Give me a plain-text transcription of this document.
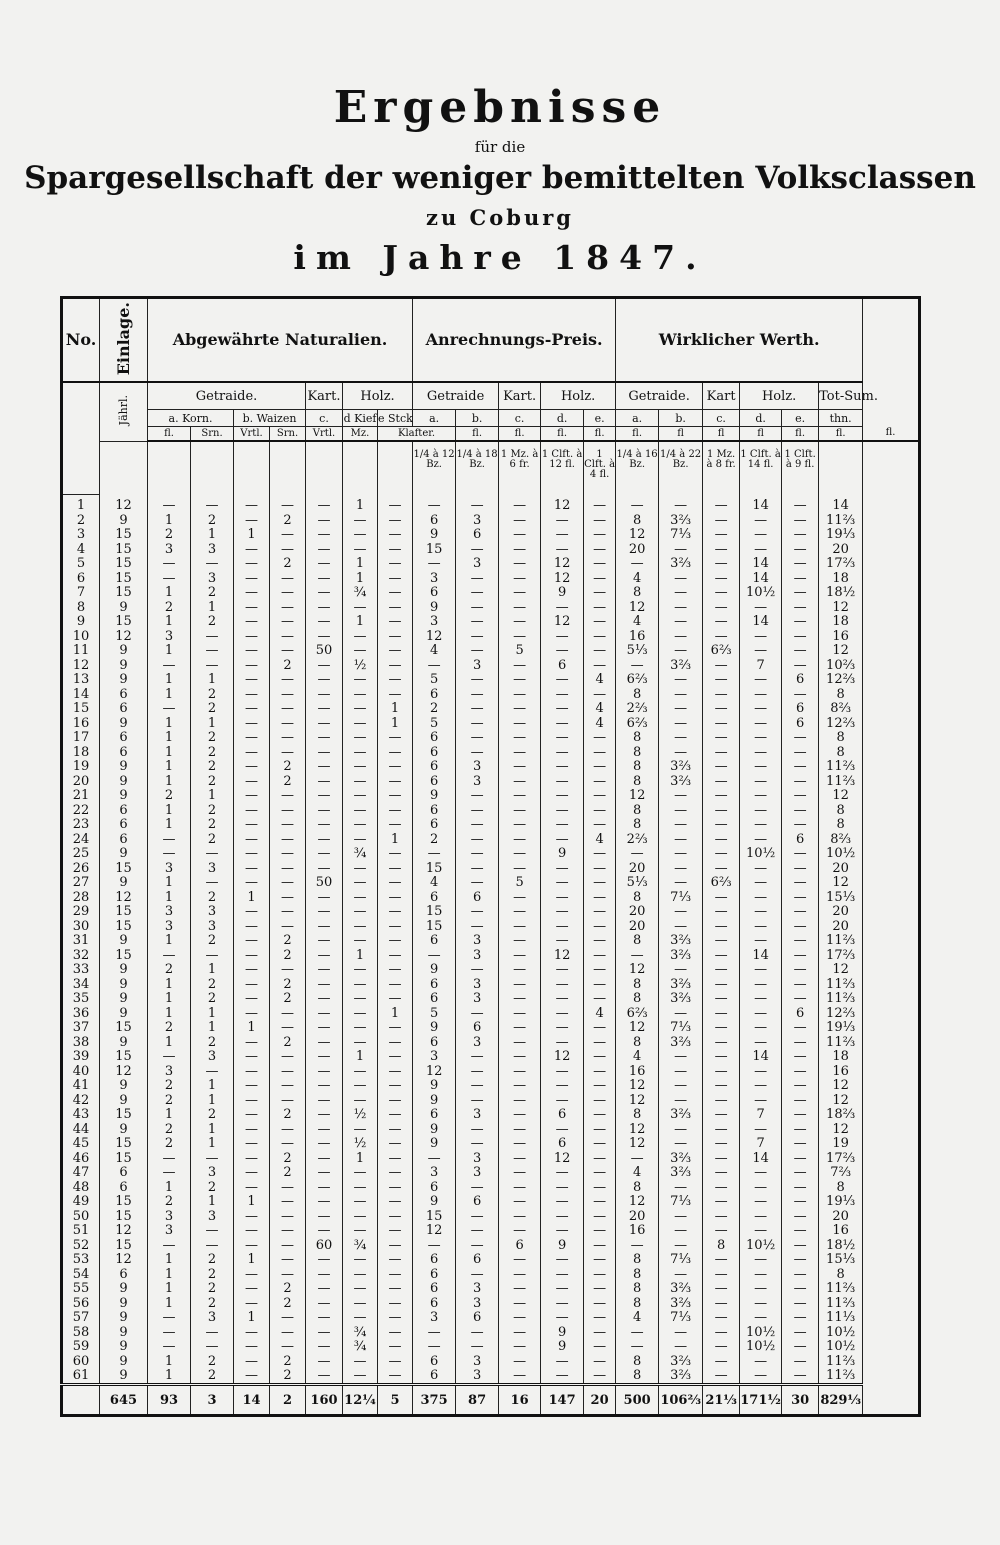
Ergebnisse
für die
Spargesellschaft der weniger bemittelten Volksclassen
zu Coburg
im Jahre 1847.
No.	Einlage.	Abgewährte Naturalien.							Anrechnungs-Preis.					Wirklicher Werth.						
	Jährl.	Getraide.				Kart.	Holz.		Getraide		Kart.	Holz.		Getraide.		Kart	Holz.		Tot-Sum.	
		a. Korn.		b. Waizen		c.	d Kief	e Stck	a.	b.	c.	d.	e.	a.	b.	c.	d.	e.	thn.	
		fl.	Srn.	Vrtl.	Srn.	Vrtl.	Mz.	Klafter.		fl.	fl.	fl.	fl.	fl.	fl	fl	fl	fl.	fl.	fl.
									1/4 à 12 Bz.	1/4 à 18 Bz.	1 Mz. à 6 fr.	1 Clft. à 12 fl.	1 Clft. à 4 fl.	1/4 à 16 Bz.	1/4 à 22 Bz.	1 Mz. à 8 fr.	1 Clft. à 14 fl.	1 Clft. à 9 fl.		
1	12	—	—	—	—	—	1	—	—	—	—	12	—	—	—	—	14	—	14	
2	9	1	2	—	2	—	—	—	6	3	—	—	—	8	3⅔	—	—	—	11⅔	
3	15	2	1	1	—	—	—	—	9	6	—	—	—	12	7⅓	—	—	—	19⅓	
4	15	3	3	—	—	—	—	—	15	—	—	—	—	20	—	—	—	—	20	
5	15	—	—	—	2	—	1	—	—	3	—	12	—	—	3⅔	—	14	—	17⅔	
6	15	—	3	—	—	—	1	—	3	—	—	12	—	4	—	—	14	—	18	
7	15	1	2	—	—	—	¾	—	6	—	—	9	—	8	—	—	10½	—	18½	
8	9	2	1	—	—	—	—	—	9	—	—	—	—	12	—	—	—	—	12	
9	15	1	2	—	—	—	1	—	3	—	—	12	—	4	—	—	14	—	18	
10	12	3	—	—	—	—	—	—	12	—	—	—	—	16	—	—	—	—	16	
11	9	1	—	—	—	50	—	—	4	—	5	—	—	5⅓	—	6⅔	—	—	12	
12	9	—	—	—	2	—	½	—	—	3	—	6	—	—	3⅔	—	7	—	10⅔	
13	9	1	1	—	—	—	—	—	5	—	—	—	4	6⅔	—	—	—	6	12⅔	
14	6	1	2	—	—	—	—	—	6	—	—	—	—	8	—	—	—	—	8	
15	6	—	2	—	—	—	—	1	2	—	—	—	4	2⅔	—	—	—	6	8⅔	
16	9	1	1	—	—	—	—	1	5	—	—	—	4	6⅔	—	—	—	6	12⅔	
17	6	1	2	—	—	—	—	—	6	—	—	—	—	8	—	—	—	—	8	
18	6	1	2	—	—	—	—	—	6	—	—	—	—	8	—	—	—	—	8	
19	9	1	2	—	2	—	—	—	6	3	—	—	—	8	3⅔	—	—	—	11⅔	
20	9	1	2	—	2	—	—	—	6	3	—	—	—	8	3⅔	—	—	—	11⅔	
21	9	2	1	—	—	—	—	—	9	—	—	—	—	12	—	—	—	—	12	
22	6	1	2	—	—	—	—	—	6	—	—	—	—	8	—	—	—	—	8	
23	6	1	2	—	—	—	—	—	6	—	—	—	—	8	—	—	—	—	8	
24	6	—	2	—	—	—	—	1	2	—	—	—	4	2⅔	—	—	—	6	8⅔	
25	9	—	—	—	—	—	¾	—	—	—	—	9	—	—	—	—	10½	—	10½	
26	15	3	3	—	—	—	—	—	15	—	—	—	—	20	—	—	—	—	20	
27	9	1	—	—	—	50	—	—	4	—	5	—	—	5⅓	—	6⅔	—	—	12	
28	12	1	2	1	—	—	—	—	6	6	—	—	—	8	7⅓	—	—	—	15⅓	
29	15	3	3	—	—	—	—	—	15	—	—	—	—	20	—	—	—	—	20	
30	15	3	3	—	—	—	—	—	15	—	—	—	—	20	—	—	—	—	20	
31	9	1	2	—	2	—	—	—	6	3	—	—	—	8	3⅔	—	—	—	11⅔	
32	15	—	—	—	2	—	1	—	—	3	—	12	—	—	3⅔	—	14	—	17⅔	
33	9	2	1	—	—	—	—	—	9	—	—	—	—	12	—	—	—	—	12	
34	9	1	2	—	2	—	—	—	6	3	—	—	—	8	3⅔	—	—	—	11⅔	
35	9	1	2	—	2	—	—	—	6	3	—	—	—	8	3⅔	—	—	—	11⅔	
36	9	1	1	—	—	—	—	1	5	—	—	—	4	6⅔	—	—	—	6	12⅔	
37	15	2	1	1	—	—	—	—	9	6	—	—	—	12	7⅓	—	—	—	19⅓	
38	9	1	2	—	2	—	—	—	6	3	—	—	—	8	3⅔	—	—	—	11⅔	
39	15	—	3	—	—	—	1	—	3	—	—	12	—	4	—	—	14	—	18	
40	12	3	—	—	—	—	—	—	12	—	—	—	—	16	—	—	—	—	16	
41	9	2	1	—	—	—	—	—	9	—	—	—	—	12	—	—	—	—	12	
42	9	2	1	—	—	—	—	—	9	—	—	—	—	12	—	—	—	—	12	
43	15	1	2	—	2	—	½	—	6	3	—	6	—	8	3⅔	—	7	—	18⅔	
44	9	2	1	—	—	—	—	—	9	—	—	—	—	12	—	—	—	—	12	
45	15	2	1	—	—	—	½	—	9	—	—	6	—	12	—	—	7	—	19	
46	15	—	—	—	2	—	1	—	—	3	—	12	—	—	3⅔	—	14	—	17⅔	
47	6	—	3	—	2	—	—	—	3	3	—	—	—	4	3⅔	—	—	—	7⅔	
48	6	1	2	—	—	—	—	—	6	—	—	—	—	8	—	—	—	—	8	
49	15	2	1	1	—	—	—	—	9	6	—	—	—	12	7⅓	—	—	—	19⅓	
50	15	3	3	—	—	—	—	—	15	—	—	—	—	20	—	—	—	—	20	
51	12	3	—	—	—	—	—	—	12	—	—	—	—	16	—	—	—	—	16	
52	15	—	—	—	—	60	¾	—	—	—	6	9	—	—	—	8	10½	—	18½	
53	12	1	2	1	—	—	—	—	6	6	—	—	—	8	7⅓	—	—	—	15⅓	
54	6	1	2	—	—	—	—	—	6	—	—	—	—	8	—	—	—	—	8	
55	9	1	2	—	2	—	—	—	6	3	—	—	—	8	3⅔	—	—	—	11⅔	
56	9	1	2	—	2	—	—	—	6	3	—	—	—	8	3⅔	—	—	—	11⅔	
57	9	—	3	1	—	—	—	—	3	6	—	—	—	4	7⅓	—	—	—	11⅓	
58	9	—	—	—	—	—	¾	—	—	—	—	9	—	—	—	—	10½	—	10½	
59	9	—	—	—	—	—	¾	—	—	—	—	9	—	—	—	—	10½	—	10½	
60	9	1	2	—	2	—	—	—	6	3	—	—	—	8	3⅔	—	—	—	11⅔	
61	9	1	2	—	2	—	—	—	6	3	—	—	—	8	3⅔	—	—	—	11⅔	
	645	93	3	14	2	160	12¼	5	375	87	16	147	20	500	106⅔	21⅓	171½	30	829⅓	
